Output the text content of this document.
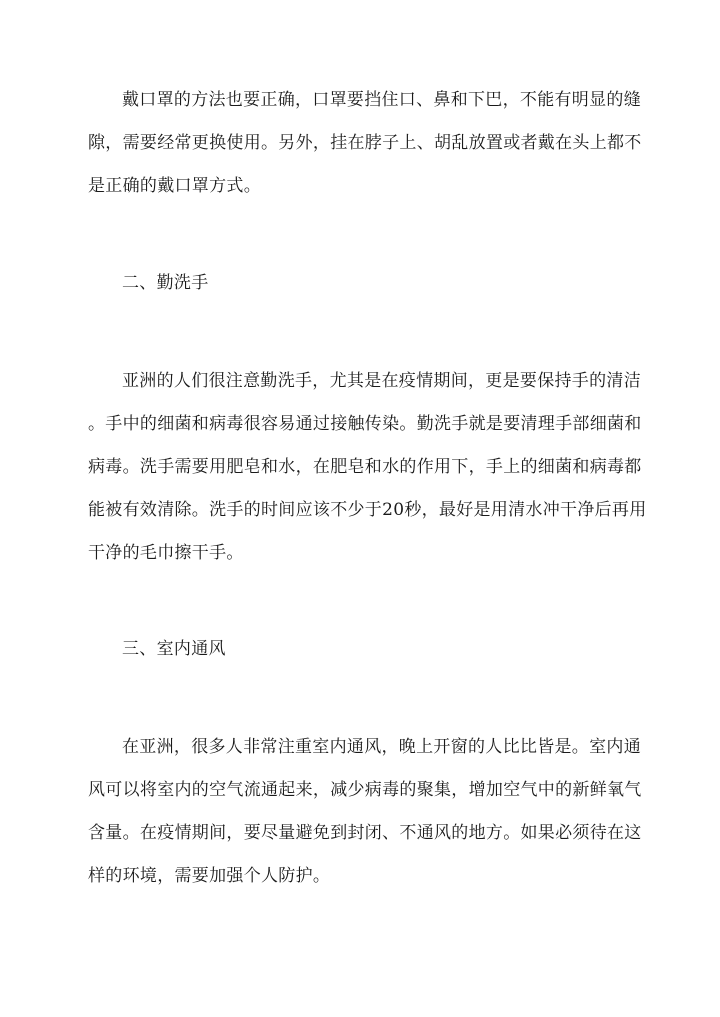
戴口罩的方法也要正确，口罩要挡住口、鼻和下巴，不能有明显的缝
隙，需要经常更换使用。另外，挂在脖子上、胡乱放置或者戴在头上都不
是正确的戴口罩方式。
二、勤洗手
亚洲的人们很注意勤洗手，尤其是在疫情期间，更是要保持手的清洁
。手中的细菌和病毒很容易通过接触传染。勤洗手就是要清理手部细菌和
病毒。洗手需要用肥皂和水，在肥皂和水的作用下，手上的细菌和病毒都
能被有效清除。洗手的时间应该不少于20秒，最好是用清水冲干净后再用
干净的毛巾擦干手。
三、室内通风
在亚洲，很多人非常注重室内通风，晚上开窗的人比比皆是。室内通
风可以将室内的空气流通起来，减少病毒的聚集，增加空气中的新鲜氧气
含量。在疫情期间，要尽量避免到封闭、不通风的地方。如果必须待在这
样的环境，需要加强个人防护。
